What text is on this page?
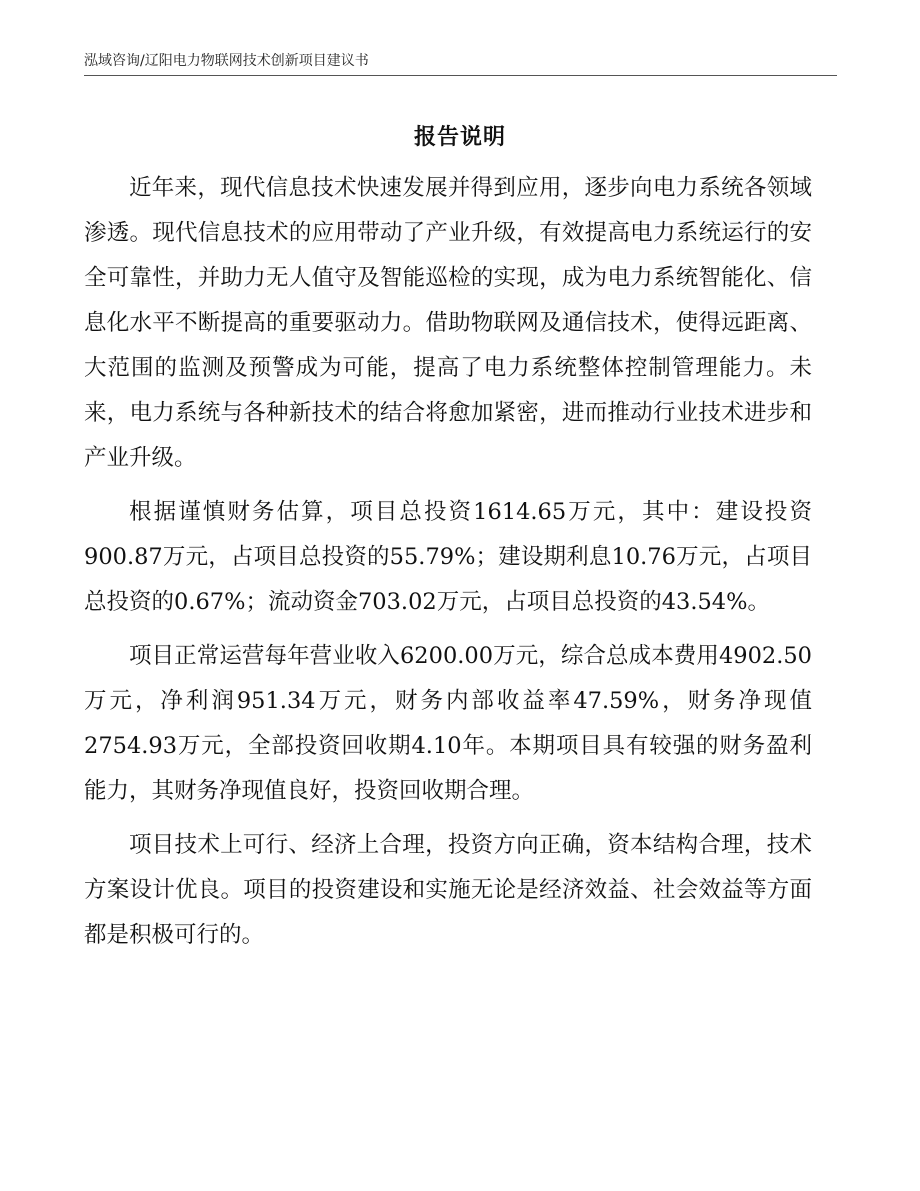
泓域咨询/辽阳电力物联网技术创新项目建议书
报告说明

近年来，现代信息技术快速发展并得到应用，逐步向电力系统各领域渗透。现代信息技术的应用带动了产业升级，有效提高电力系统运行的安全可靠性，并助力无人值守及智能巡检的实现，成为电力系统智能化、信息化水平不断提高的重要驱动力。借助物联网及通信技术，使得远距离、大范围的监测及预警成为可能，提高了电力系统整体控制管理能力。未来，电力系统与各种新技术的结合将愈加紧密，进而推动行业技术进步和产业升级。

根据谨慎财务估算，项目总投资1614.65万元，其中：建设投资900.87万元，占项目总投资的55.79%；建设期利息10.76万元，占项目总投资的0.67%；流动资金703.02万元，占项目总投资的43.54%。

项目正常运营每年营业收入6200.00万元，综合总成本费用4902.50万元，净利润951.34万元，财务内部收益率47.59%，财务净现值2754.93万元，全部投资回收期4.10年。本期项目具有较强的财务盈利能力，其财务净现值良好，投资回收期合理。

项目技术上可行、经济上合理，投资方向正确，资本结构合理，技术方案设计优良。项目的投资建设和实施无论是经济效益、社会效益等方面都是积极可行的。
